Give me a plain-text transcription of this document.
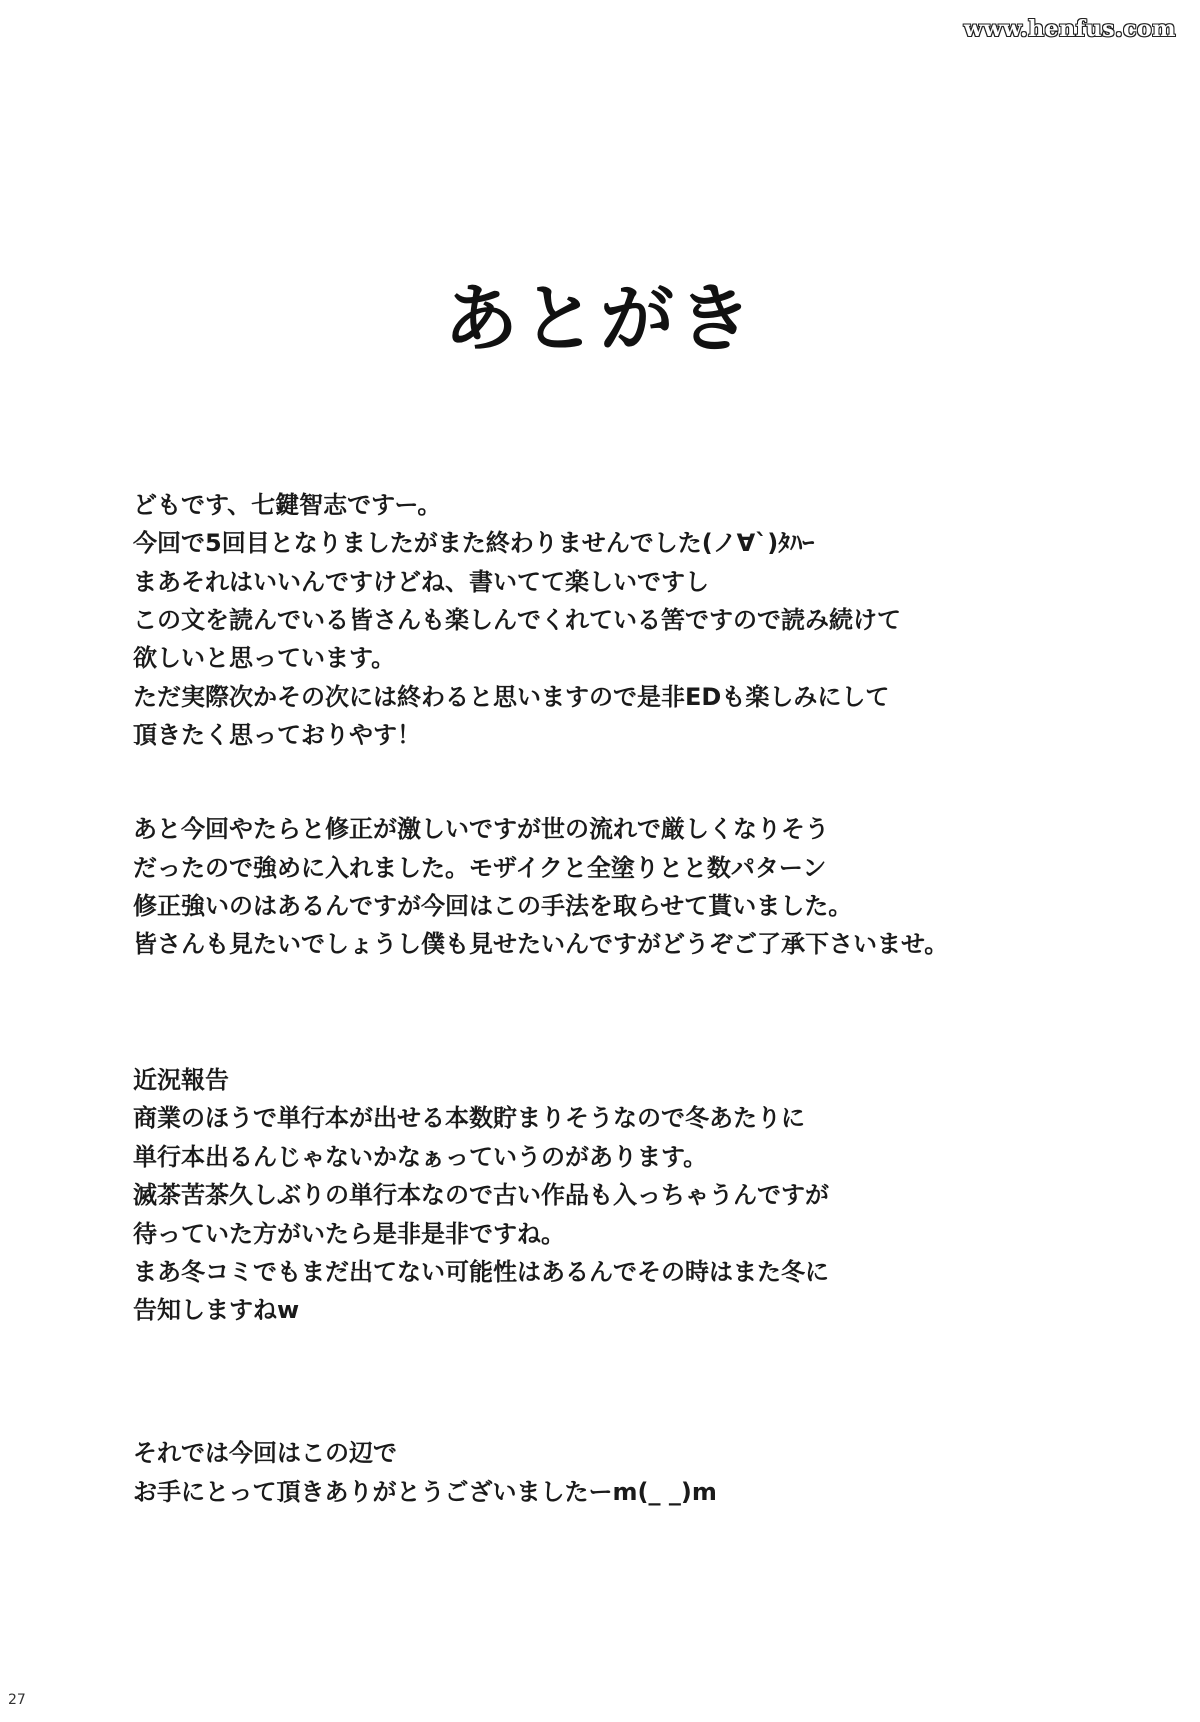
www.henfus.com
あとがき
どもです、七鍵智志ですー。
今回で5回目となりましたがまた終わりませんでした(ノ∀`)ﾀﾊｰ
まあそれはいいんですけどね、書いてて楽しいですし
この文を読んでいる皆さんも楽しんでくれている筈ですので読み続けて
欲しいと思っています。
ただ実際次かその次には終わると思いますので是非EDも楽しみにして
頂きたく思っておりやす！
あと今回やたらと修正が激しいですが世の流れで厳しくなりそう
だったので強めに入れました。モザイクと全塗りとと数パターン
修正強いのはあるんですが今回はこの手法を取らせて貰いました。
皆さんも見たいでしょうし僕も見せたいんですがどうぞご了承下さいませ。
近況報告
商業のほうで単行本が出せる本数貯まりそうなので冬あたりに
単行本出るんじゃないかなぁっていうのがあります。
滅茶苦茶久しぶりの単行本なので古い作品も入っちゃうんですが
待っていた方がいたら是非是非ですね。
まあ冬コミでもまだ出てない可能性はあるんでその時はまた冬に
告知しますねw
それでは今回はこの辺で
お手にとって頂きありがとうございましたーm(_ _)m
27
